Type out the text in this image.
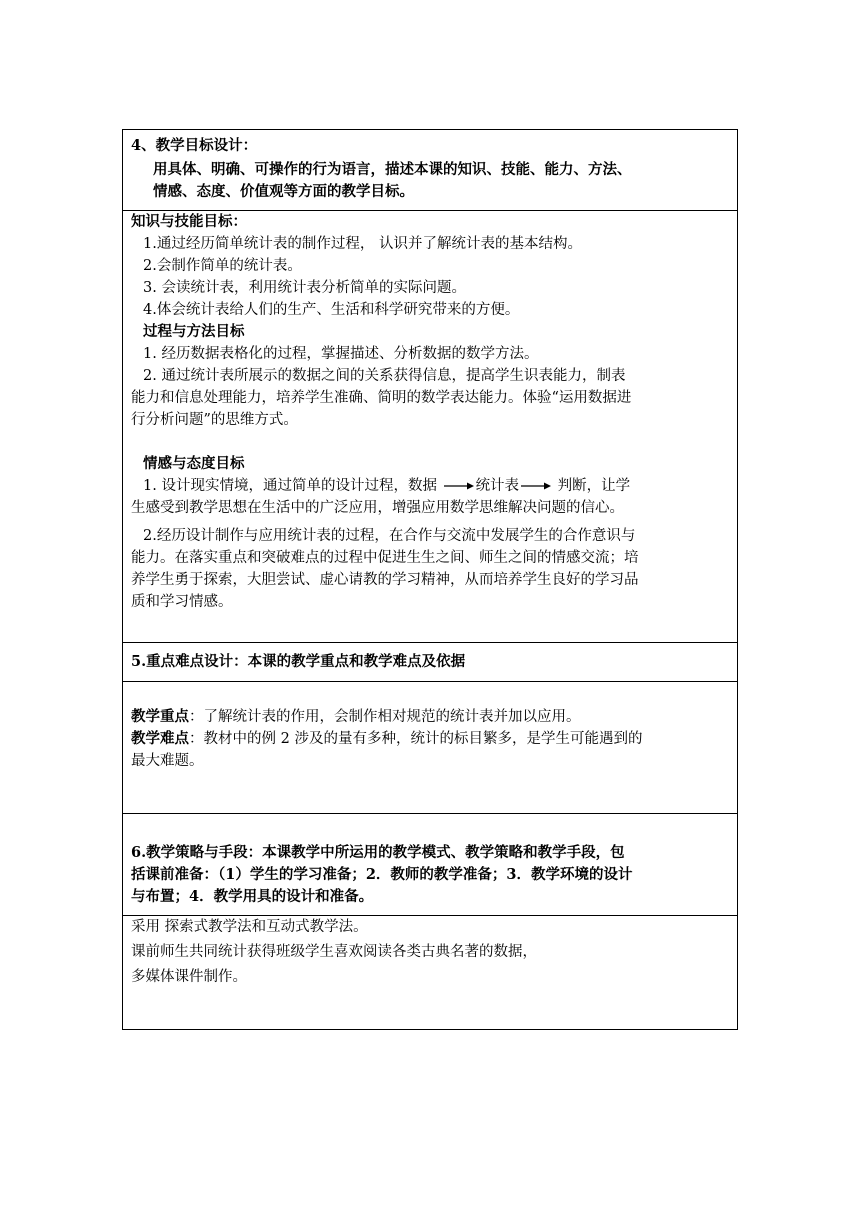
4、教学目标设计：
用具体、明确、可操作的行为语言，描述本课的知识、技能、能力、方法、
情感、态度、价值观等方面的教学目标。
知识与技能目标：
1.通过经历简单统计表的制作过程， 认识并了解统计表的基本结构。
2.会制作简单的统计表。
3. 会读统计表，利用统计表分析简单的实际问题。
4.体会统计表给人们的生产、生活和科学研究带来的方便。
过程与方法目标
1. 经历数据表格化的过程，掌握描述、分析数据的数学方法。
2. 通过统计表所展示的数据之间的关系获得信息，提高学生识表能力，制表
能力和信息处理能力，培养学生准确、简明的数学表达能力。体验“运用数据进
行分析问题”的思维方式。
情感与态度目标
1. 设计现实情境，通过简单的设计过程，数据
统计表
判断，让学
生感受到教学思想在生活中的广泛应用，增强应用数学思维解决问题的信心。
2.经历设计制作与应用统计表的过程，在合作与交流中发展学生的合作意识与
能力。在落实重点和突破难点的过程中促进生生之间、师生之间的情感交流；培
养学生勇于探索，大胆尝试、虚心请教的学习精神，从而培养学生良好的学习品
质和学习情感。
5.重点难点设计：本课的教学重点和教学难点及依据
教学重点：了解统计表的作用，会制作相对规范的统计表并加以应用。
教学难点：教材中的例 2 涉及的量有多种，统计的标目繁多，是学生可能遇到的
最大难题。
6.教学策略与手段：本课教学中所运用的教学模式、教学策略和教学手段，包
括课前准备：（1）学生的学习准备；2．教师的教学准备；3．教学环境的设计
与布置；4．教学用具的设计和准备。
采用 探索式教学法和互动式教学法。
课前师生共同统计获得班级学生喜欢阅读各类古典名著的数据，
多媒体课件制作。
